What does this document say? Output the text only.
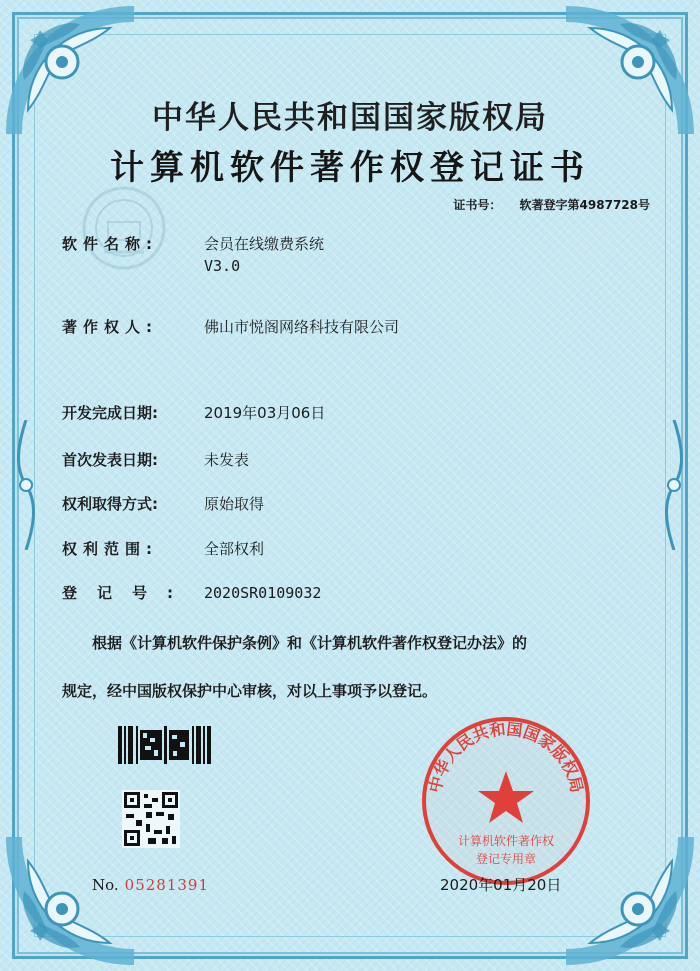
中华人民共和国国家版权局
计算机软件著作权登记证书
证书号： 软著登字第4987728号
软件名称:	会员在线缴费系统
V3.0
著作权人:	佛山市悦阁网络科技有限公司
开发完成日期:	2019年03月06日
首次发表日期:	未发表
权利取得方式:	原始取得
权利范围:	全部权利
登记号: 2020SR0109032
根据《计算机软件保护条例》和《计算机软件著作权登记办法》的
规定，经中国版权保护中心审核，对以上事项予以登记。
No. 05281391
中华人民共和国国家版权局
计算机软件著作权
登记专用章
2020年01月20日
